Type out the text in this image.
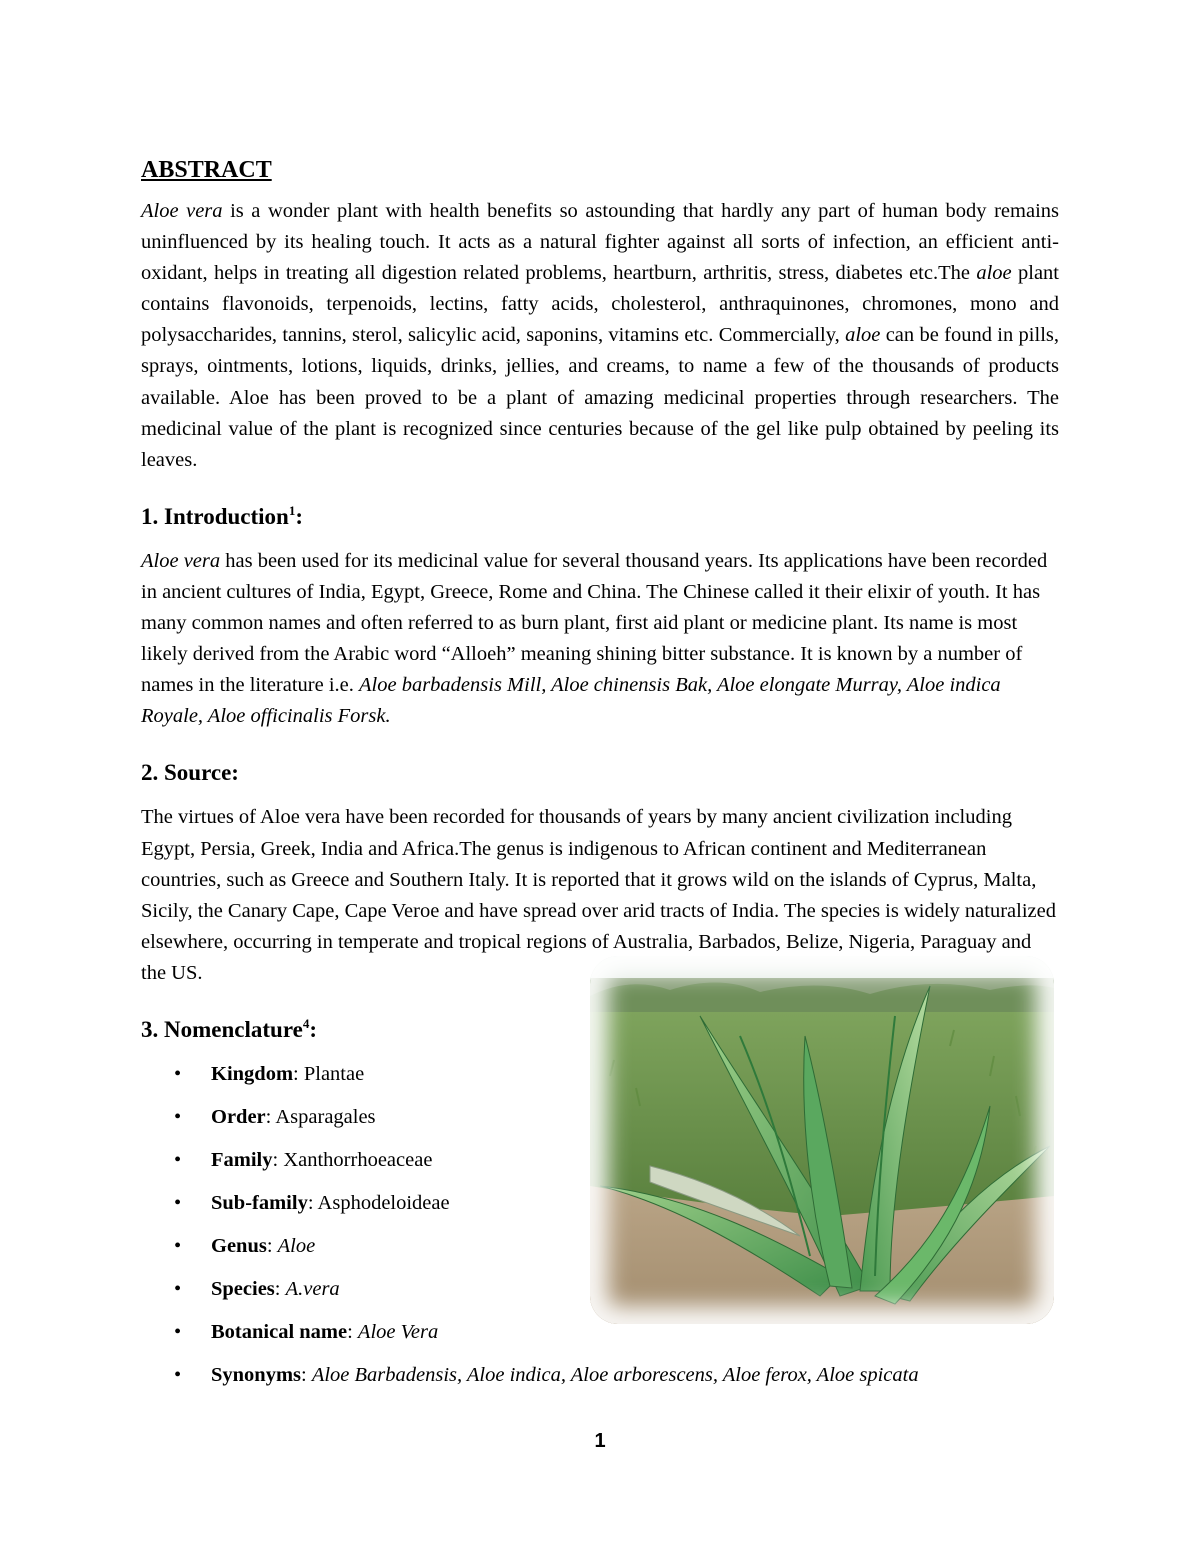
ABSTRACT

Aloe vera is a wonder plant with health benefits so astounding that hardly any part of human body remains uninfluenced by its healing touch. It acts as a natural fighter against all sorts of infection, an efficient anti-oxidant, helps in treating all digestion related problems, heartburn, arthritis, stress, diabetes etc.The aloe plant contains flavonoids, terpenoids, lectins, fatty acids, cholesterol, anthraquinones, chromones, mono and polysaccharides, tannins, sterol, salicylic acid, saponins, vitamins etc. Commercially, aloe can be found in pills, sprays, ointments, lotions, liquids, drinks, jellies, and creams, to name a few of the thousands of products available. Aloe has been proved to be a plant of amazing medicinal properties through researchers. The medicinal value of the plant is recognized since centuries because of the gel like pulp obtained by peeling its leaves.

1. Introduction$^1$:

Aloe vera has been used for its medicinal value for several thousand years. Its applications have been recorded in ancient cultures of India, Egypt, Greece, Rome and China. The Chinese called it their elixir of youth. It has many common names and often referred to as burn plant, first aid plant or medicine plant. Its name is most likely derived from the Arabic word “Alloeh” meaning shining bitter substance. It is known by a number of names in the literature i.e. Aloe barbadensis Mill, Aloe chinensis Bak, Aloe elongate Murray, Aloe indica Royale, Aloe officinalis Forsk.

2. Source:

The virtues of Aloe vera have been recorded for thousands of years by many ancient civilization including Egypt, Persia, Greek, India and Africa.The genus is indigenous to African continent and Mediterranean countries, such as Greece and Southern Italy. It is reported that it grows wild on the islands of Cyprus, Malta, Sicily, the Canary Cape, Cape Veroe and have spread over arid tracts of India. The species is widely naturalized elsewhere, occurring in temperate and tropical regions of Australia, Barbados, Belize, Nigeria, Paraguay and the US.

3. Nomenclature$^4$:

• Kingdom: Plantae
• Order: Asparagales
• Family: Xanthorrhoeaceae
• Sub-family: Asphodeloideae
• Genus: Aloe
• Species: A.vera
• Botanical name: Aloe Vera
• Synonyms: Aloe Barbadensis, Aloe indica, Aloe arborescens, Aloe ferox, Aloe spicata
1
